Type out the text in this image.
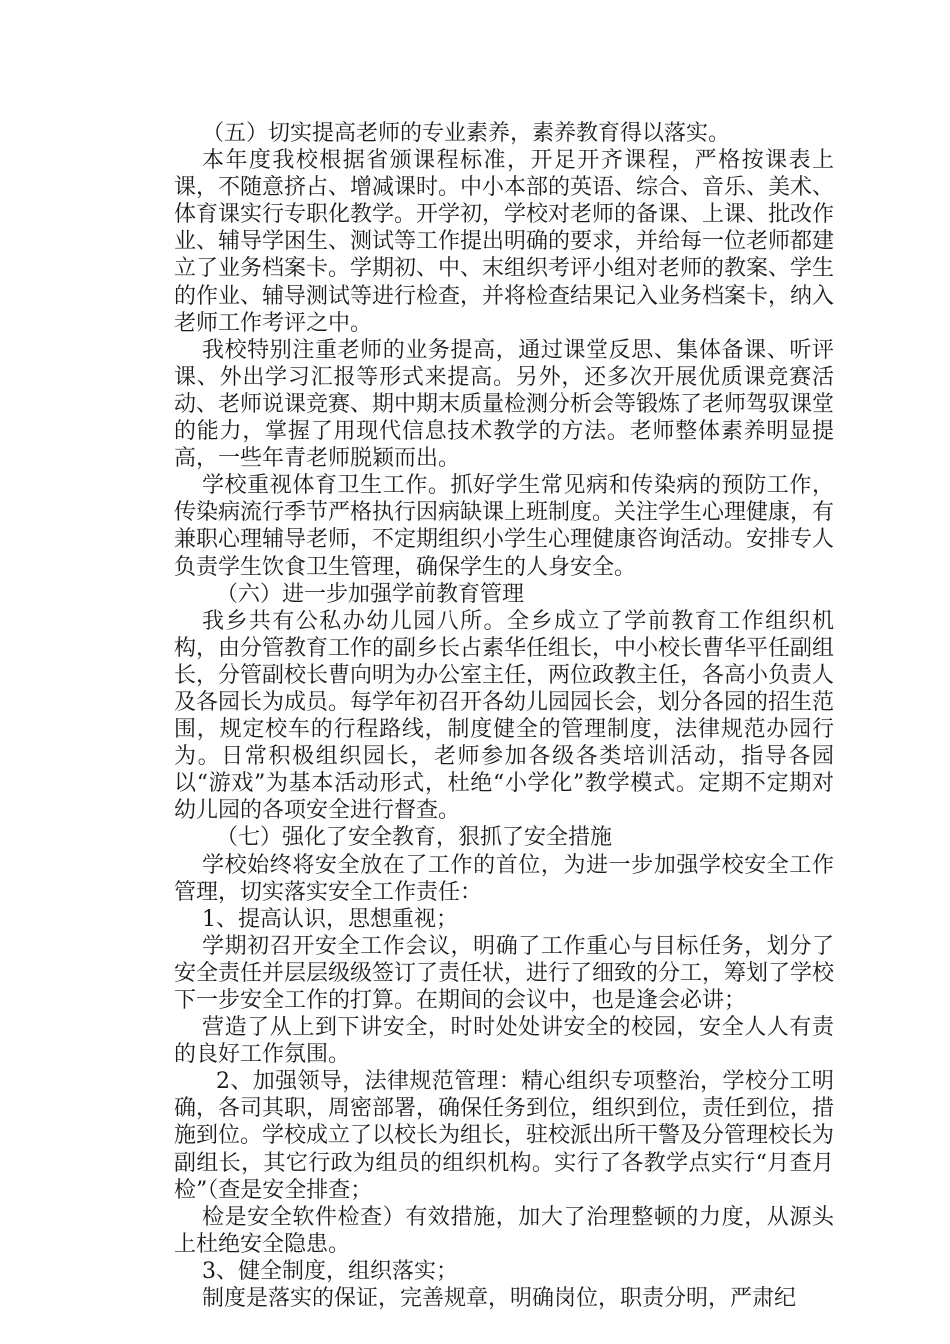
（五）切实提高老师的专业素养，素养教育得以落实。

本年度我校根据省颁课程标准，开足开齐课程，严格按课表上课，不随意挤占、增减课时。中小本部的英语、综合、音乐、美术、体育课实行专职化教学。开学初，学校对老师的备课、上课、批改作业、辅导学困生、测试等工作提出明确的要求，并给每一位老师都建立了业务档案卡。学期初、中、末组织考评小组对老师的教案、学生的作业、辅导测试等进行检查，并将检查结果记入业务档案卡，纳入老师工作考评之中。

我校特别注重老师的业务提高，通过课堂反思、集体备课、听评课、外出学习汇报等形式来提高。另外，还多次开展优质课竞赛活动、老师说课竞赛、期中期末质量检测分析会等锻炼了老师驾驭课堂的能力，掌握了用现代信息技术教学的方法。老师整体素养明显提高，一些年青老师脱颖而出。

学校重视体育卫生工作。抓好学生常见病和传染病的预防工作，传染病流行季节严格执行因病缺课上班制度。关注学生心理健康，有兼职心理辅导老师，不定期组织小学生心理健康咨询活动。安排专人负责学生饮食卫生管理，确保学生的人身安全。

（六）进一步加强学前教育管理

我乡共有公私办幼儿园八所。全乡成立了学前教育工作组织机构，由分管教育工作的副乡长占素华任组长，中小校长曹华平任副组长，分管副校长曹向明为办公室主任，两位政教主任，各高小负责人及各园长为成员。每学年初召开各幼儿园园长会，划分各园的招生范围，规定校车的行程路线，制度健全的管理制度，法律规范办园行为。日常积极组织园长，老师参加各级各类培训活动，指导各园以“游戏”为基本活动形式，杜绝“小学化”教学模式。定期不定期对幼儿园的各项安全进行督查。

（七）强化了安全教育，狠抓了安全措施

学校始终将安全放在了工作的首位，为进一步加强学校安全工作管理，切实落实安全工作责任：

1、提高认识，思想重视；

学期初召开安全工作会议，明确了工作重心与目标任务，划分了安全责任并层层级级签订了责任状，进行了细致的分工，筹划了学校下一步安全工作的打算。在期间的会议中，也是逢会必讲；

营造了从上到下讲安全，时时处处讲安全的校园，安全人人有责的良好工作氛围。

2、加强领导，法律规范管理：精心组织专项整治，学校分工明确，各司其职，周密部署，确保任务到位，组织到位，责任到位，措施到位。学校成立了以校长为组长，驻校派出所干警及分管理校长为副组长，其它行政为组员的组织机构。实行了各教学点实行“月查月检”（查是安全排查；

检是安全软件检查）有效措施，加大了治理整顿的力度，从源头上杜绝安全隐患。

3、健全制度，组织落实；

制度是落实的保证，完善规章，明确岗位，职责分明，严肃纪
